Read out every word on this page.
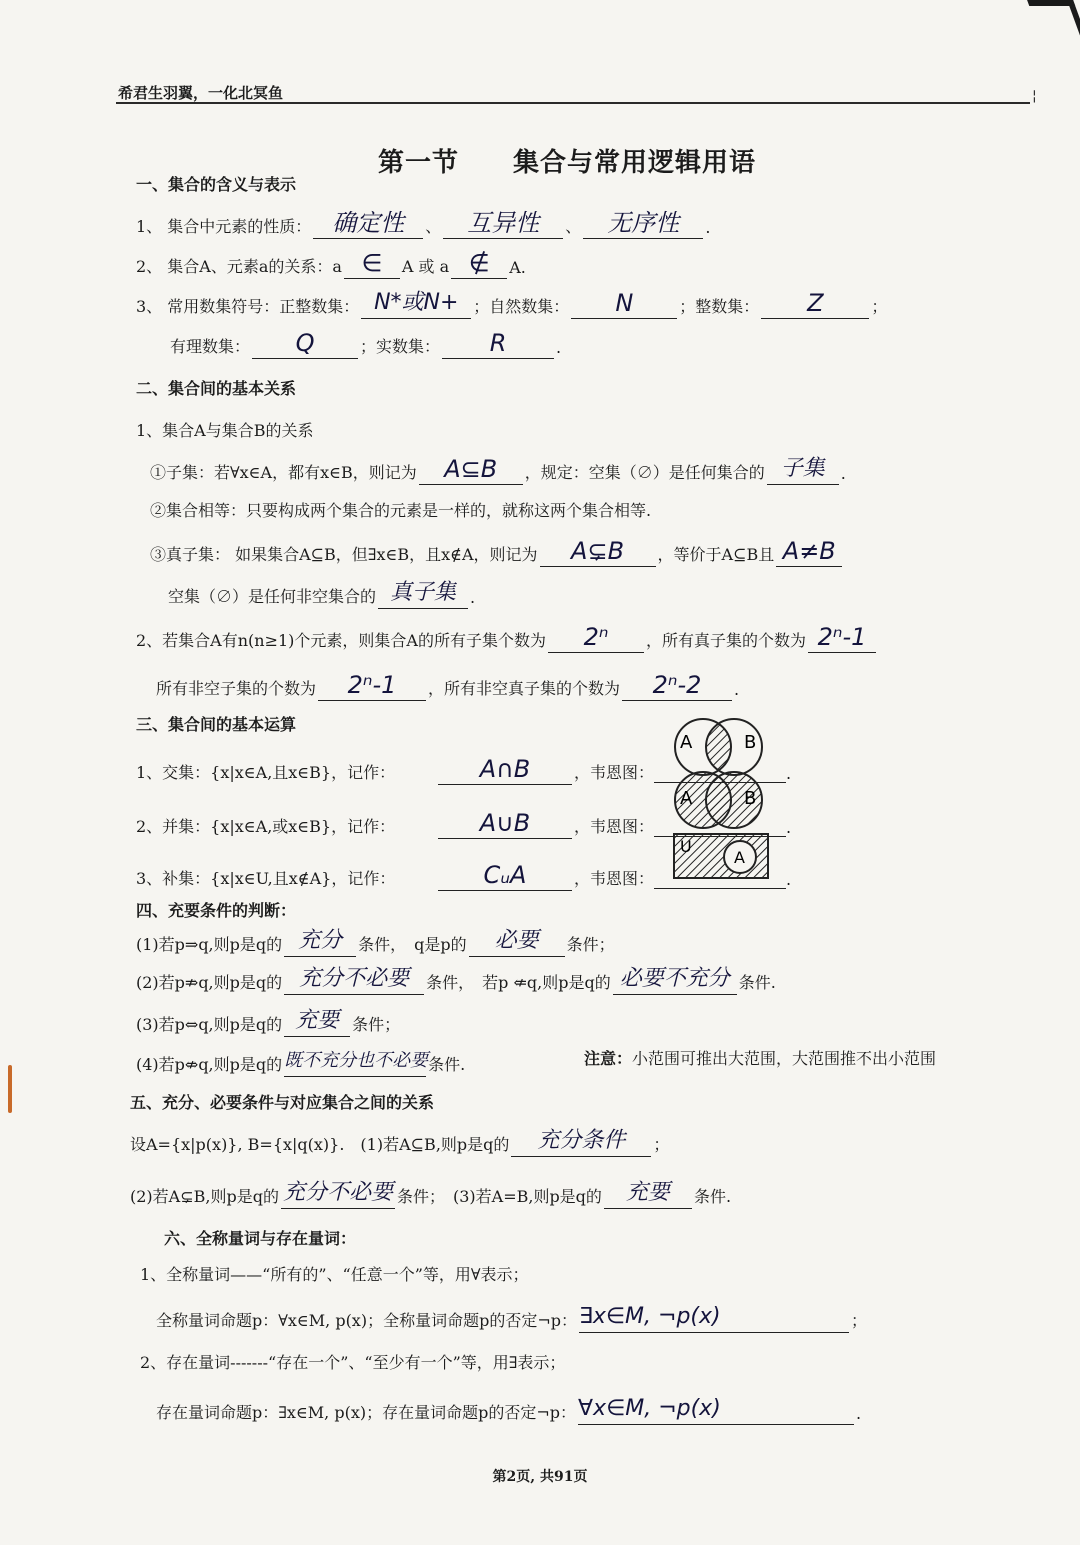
希君生羽翼，一化北冥鱼	¦
第一节　　集合与常用逻辑用语
一、集合的含义与表示
1、 集合中元素的性质： 确定性	、	互异性	、	无序性	.
2、 集合A、元素a的关系：a ∈	A 或 a ∉	A.
3、 常用数集符号：正整数集： N*或N+ ；自然数集：	N	；整数集：	Z	；
有理数集：	Q	；实数集：	R	.
二、集合间的基本关系
1、集合A与集合B的关系
①子集：若∀x∈A，都有x∈B，则记为	A⊆B	，规定：空集（∅）是任何集合的 子集	.
②集合相等：只要构成两个集合的元素是一样的，就称这两个集合相等.
③真子集： 如果集合A⊆B，但∃x∈B，且x∉A，则记为	A⊊B	，等价于A⊆B且 A≠B
空集（∅）是任何非空集合的 真子集 .
2、若集合A有n(n≥1)个元素，则集合A的所有子集个数为	2ⁿ	，所有真子集的个数为 2ⁿ-1
所有非空子集的个数为	2ⁿ-1	，所有非空真子集的个数为	2ⁿ-2	.
三、集合间的基本运算
1、交集：{x|x∈A,且x∈B}，记作：	A∩B	，韦恩图：	.
2、并集：{x|x∈A,或x∈B}，记作：	A∪B	，韦恩图：	.
3、补集：{x|x∈U,且x∉A}，记作：	CᵤA	，韦恩图：	.
A	B
A	B
U
A
四、充要条件的判断：
(1)若p⇒q,则p是q的 充分	条件，　q是p的	必要	条件；
(2)若p⇏q,则p是q的 充分不必要	条件，　若p ⇍q,则p是q的 必要不充分 条件.
(3)若p⇔q,则p是q的 充要 条件；
(4)若p⇎q,则p是q的 既不充分也不必要 条件.	注意： 小范围可推出大范围，大范围推不出小范围
五、充分、必要条件与对应集合之间的关系
设A={x|p(x)}, B={x|q(x)}.　(1)若A⊆B,则p是q的	充分条件	；
(2)若A⊊B,则p是q的 充分不必要 条件；　(3)若A=B,则p是q的	充要	条件.
六、全称量词与存在量词：
1、全称量词——“所有的”、“任意一个”等，用∀表示；
全称量词命题p：∀x∈M, p(x)；全称量词命题p的否定¬p： ∃x∈M, ¬p(x)	；
2、存在量词-------“存在一个”、“至少有一个”等，用∃表示；
存在量词命题p：∃x∈M, p(x)；存在量词命题p的否定¬p： ∀x∈M, ¬p(x)	.
第2页, 共91页
